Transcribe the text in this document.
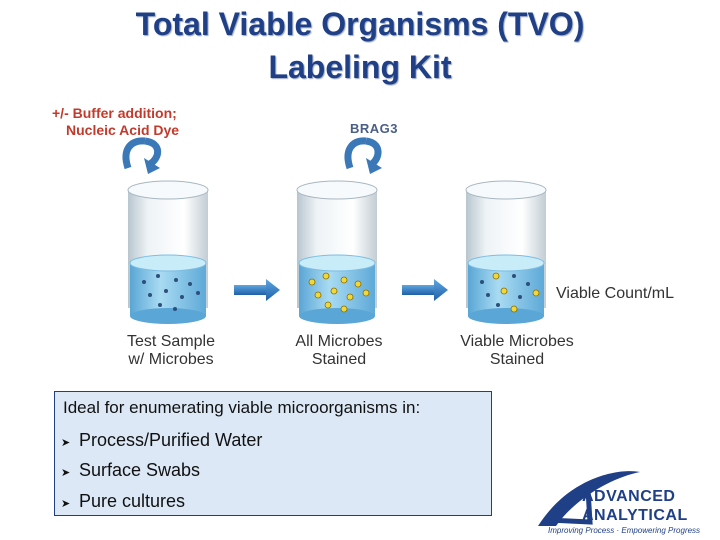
Total Viable Organisms (TVO)
Labeling Kit
+/- Buffer addition;
Nucleic Acid Dye	BRAG3
Viable Count/mL
Test Sample
w/ Microbes
All Microbes
Stained
Viable Microbes
Stained
Ideal for enumerating viable microorganisms in:
➤ Process/Purified Water
➤ Surface Swabs
➤ Pure cultures	ADVANCED
ANALYTICAL
Improving Process · Empowering Progress
